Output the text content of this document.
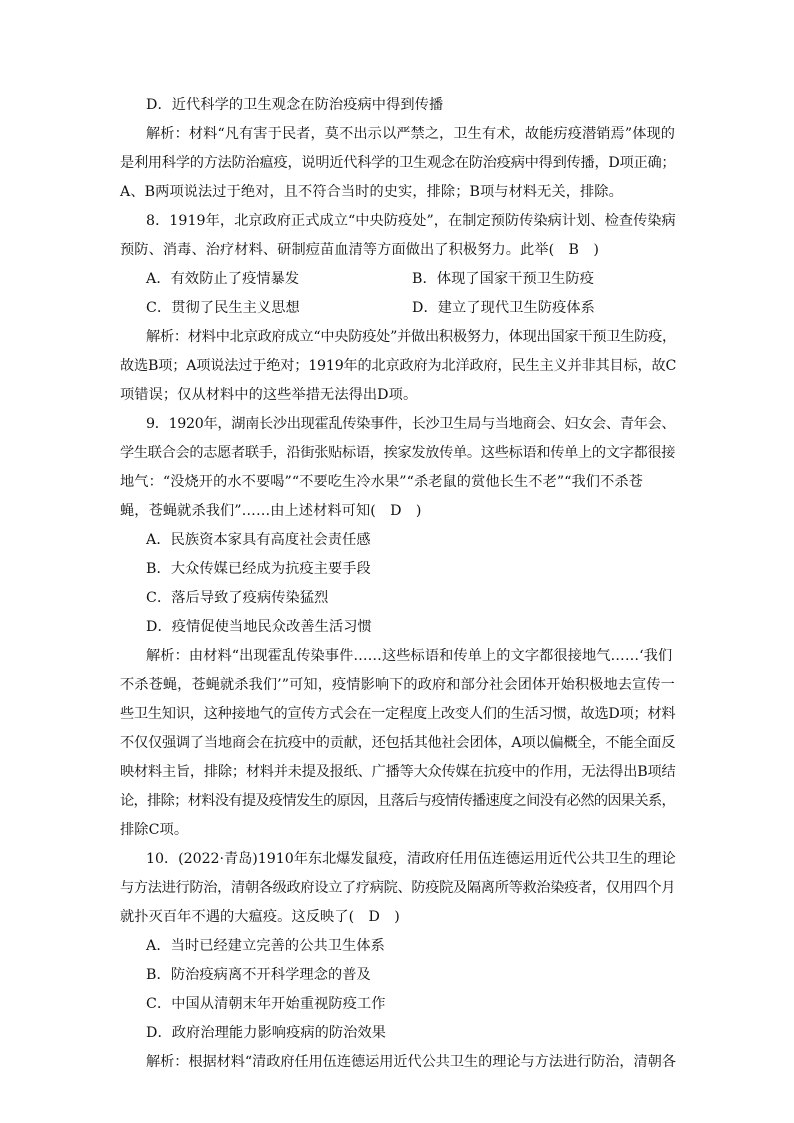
D．近代科学的卫生观念在防治疫病中得到传播
解析：材料“凡有害于民者，莫不出示以严禁之，卫生有术，故能疠疫潜销焉”体现的
是利用科学的方法防治瘟疫，说明近代科学的卫生观念在防治疫病中得到传播，D项正确；
A、B两项说法过于绝对，且不符合当时的史实，排除；B项与材料无关，排除。
8．1919年，北京政府正式成立“中央防疫处”，在制定预防传染病计划、检查传染病
预防、消毒、治疗材料、研制痘苗血清等方面做出了积极努力。此举(　B　)
A．有效防止了疫情暴发	B．体现了国家干预卫生防疫
C．贯彻了民生主义思想	D．建立了现代卫生防疫体系
解析：材料中北京政府成立“中央防疫处”并做出积极努力，体现出国家干预卫生防疫，
故选B项；A项说法过于绝对；1919年的北京政府为北洋政府，民生主义并非其目标，故C
项错误；仅从材料中的这些举措无法得出D项。
9．1920年，湖南长沙出现霍乱传染事件，长沙卫生局与当地商会、妇女会、青年会、
学生联合会的志愿者联手，沿街张贴标语，挨家发放传单。这些标语和传单上的文字都很接
地气：“没烧开的水不要喝”“不要吃生冷水果”“杀老鼠的赏他长生不老”“我们不杀苍
蝇，苍蝇就杀我们”……由上述材料可知(　D　)
A．民族资本家具有高度社会责任感
B．大众传媒已经成为抗疫主要手段
C．落后导致了疫病传染猛烈
D．疫情促使当地民众改善生活习惯
解析：由材料“出现霍乱传染事件……这些标语和传单上的文字都很接地气……‘我们
不杀苍蝇，苍蝇就杀我们’”可知，疫情影响下的政府和部分社会团体开始积极地去宣传一
些卫生知识，这种接地气的宣传方式会在一定程度上改变人们的生活习惯，故选D项；材料
不仅仅强调了当地商会在抗疫中的贡献，还包括其他社会团体，A项以偏概全，不能全面反
映材料主旨，排除；材料并未提及报纸、广播等大众传媒在抗疫中的作用，无法得出B项结
论，排除；材料没有提及疫情发生的原因，且落后与疫情传播速度之间没有必然的因果关系，
排除C项。
10．(2022·青岛)1910年东北爆发鼠疫，清政府任用伍连德运用近代公共卫生的理论
与方法进行防治，清朝各级政府设立了疗病院、防疫院及隔离所等救治染疫者，仅用四个月
就扑灭百年不遇的大瘟疫。这反映了(　D　)
A．当时已经建立完善的公共卫生体系
B．防治疫病离不开科学理念的普及
C．中国从清朝末年开始重视防疫工作
D．政府治理能力影响疫病的防治效果
解析：根据材料“清政府任用伍连德运用近代公共卫生的理论与方法进行防治，清朝各
